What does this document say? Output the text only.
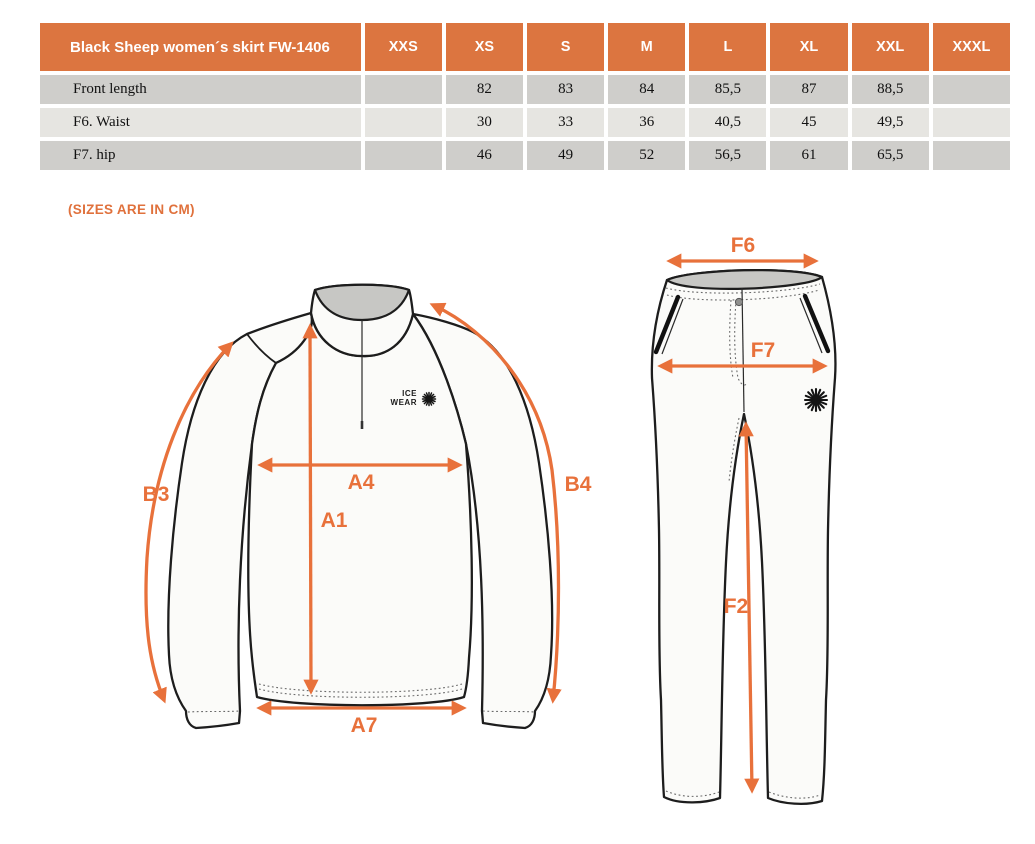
Black Sheep women´s skirt FW-1406	XXS	XS	S	M	L	XL	XXL	XXXL
Front length		82	83	84	85,5	87	88,5	
F6. Waist		30	33	36	40,5	45	49,5	
F7. hip		46	49	52	56,5	61	65,5	
(SIZES ARE IN CM)
ICE
WEAR
B3	B4
A4
A1
A7
F6
F7
F2
